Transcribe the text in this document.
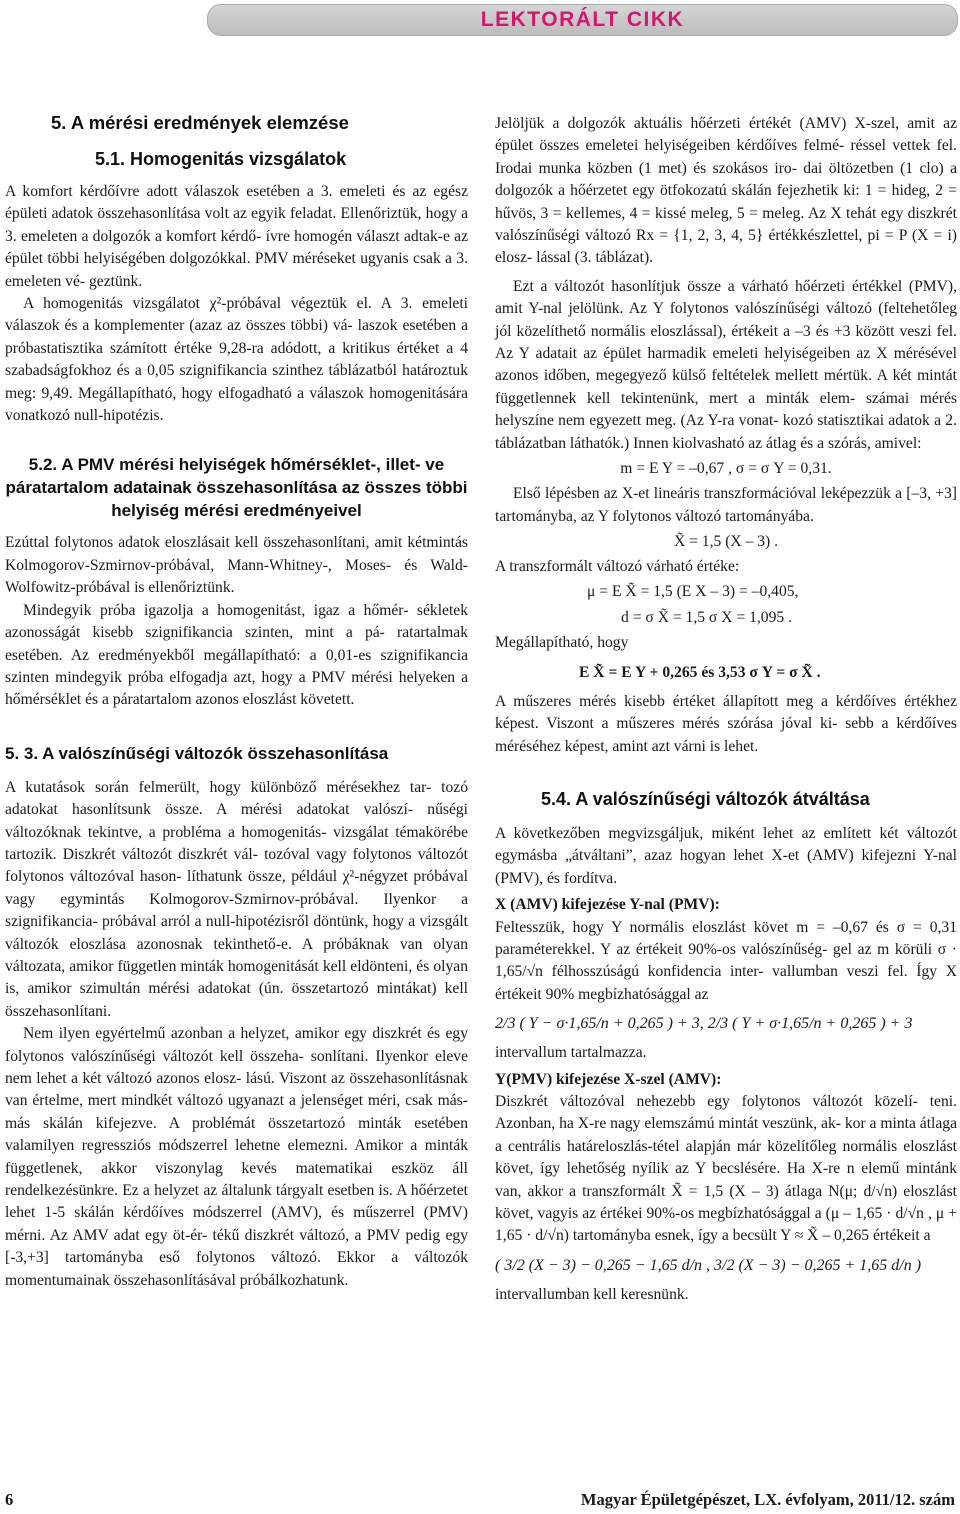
LEKTORÁLT CIKK
5. A mérési eredmények elemzése
5.1. Homogenitás vizsgálatok

A komfort kérdőívre adott válaszok esetében a 3. emeleti és az egész épületi adatok összehasonlítása volt az egyik feladat. Ellenőriztük, hogy a 3. emeleten a dolgozók a komfort kérdő- ívre homogén választ adtak-e az épület többi helyiségében dolgozókkal. PMV méréseket ugyanis csak a 3. emeleten vé- geztünk.

A homogenitás vizsgálatot χ²-próbával végeztük el. A 3. emeleti válaszok és a komplementer (azaz az összes többi) vá- laszok esetében a próbastatisztika számított értéke 9,28-ra adódott, a kritikus értéket a 4 szabadságfokhoz és a 0,05 szignifikancia szinthez táblázatból határoztuk meg: 9,49. Megállapítható, hogy elfogadható a válaszok homogenitására vonatkozó null-hipotézis.

5.2. A PMV mérési helyiségek hőmérséklet-, illet- ve páratartalom adatainak összehasonlítása az összes többi helyiség mérési eredményeivel

Ezúttal folytonos adatok eloszlásait kell összehasonlítani, amit kétmintás Kolmogorov-Szmirnov-próbával, Mann-Whitney-, Moses- és Wald-Wolfowitz-próbával is ellenőriztünk.

Mindegyik próba igazolja a homogenitást, igaz a hőmér- sékletek azonosságát kisebb szignifikancia szinten, mint a pá- ratartalmak esetében. Az eredményekből megállapítható: a 0,01-es szignifikancia szinten mindegyik próba elfogadja azt, hogy a PMV mérési helyeken a hőmérséklet és a páratartalom azonos eloszlást követett.

5. 3. A valószínűségi változók összehasonlítása

A kutatások során felmerült, hogy különböző mérésekhez tar- tozó adatokat hasonlítsunk össze. A mérési adatokat valószí- nűségi változóknak tekintve, a probléma a homogenitás- vizsgálat témakörébe tartozik. Diszkrét változót diszkrét vál- tozóval vagy folytonos változót folytonos változóval hason- líthatunk össze, például χ²-négyzet próbával vagy egymintás Kolmogorov-Szmirnov-próbával. Ilyenkor a szignifikancia- próbával arról a null-hipotézisről döntünk, hogy a vizsgált változók eloszlása azonosnak tekinthető-e. A próbáknak van olyan változata, amikor független minták homogenitását kell eldönteni, és olyan is, amikor szimultán mérési adatokat (ún. összetartozó mintákat) kell összehasonlítani.

Nem ilyen egyértelmű azonban a helyzet, amikor egy diszkrét és egy folytonos valószínűségi változót kell összeha- sonlítani. Ilyenkor eleve nem lehet a két változó azonos elosz- lású. Viszont az összehasonlításnak van értelme, mert mindkét változó ugyanazt a jelenséget méri, csak más-más skálán kifejezve. A problémát összetartozó minták esetében valamilyen regressziós módszerrel lehetne elemezni. Amikor a minták függetlenek, akkor viszonylag kevés matematikai eszköz áll rendelkezésünkre. Ez a helyzet az általunk tárgyalt esetben is. A hőérzetet lehet 1-5 skálán kérdőíves módszerrel (AMV), és műszerrel (PMV) mérni. Az AMV adat egy öt-ér- tékű diszkrét változó, a PMV pedig egy [-3,+3] tartományba eső folytonos változó. Ekkor a változók momentumainak összehasonlításával próbálkozhatunk.

Jelöljük a dolgozók aktuális hőérzeti értékét (AMV) X-szel, amit az épület összes emeletei helyiségeiben kérdőíves felmé- réssel vettek fel. Irodai munka közben (1 met) és szokásos iro- dai öltözetben (1 clo) a dolgozók a hőérzetet egy ötfokozatú skálán fejezhetik ki: 1 = hideg, 2 = hűvös, 3 = kellemes, 4 = kissé meleg, 5 = meleg. Az X tehát egy diszkrét valószínűségi változó Rx = {1, 2, 3, 4, 5} értékkészlettel, pi = P (X = i) elosz- lással (3. táblázat).

Ezt a változót hasonlítjuk össze a várható hőérzeti értékkel (PMV), amit Y-nal jelölünk. Az Y folytonos valószínűségi változó (feltehetőleg jól közelíthető normális eloszlással), értékeit a –3 és +3 között veszi fel. Az Y adatait az épület harmadik emeleti helyiségeiben az X mérésével azonos időben, megegyező külső feltételek mellett mértük. A két mintát függetlennek kell tekintenünk, mert a minták elem- számai mérés helyszíne nem egyezett meg. (Az Y-ra vonat- kozó statisztikai adatok a 2. táblázatban láthatók.) Innen kiolvasható az átlag és a szórás, amivel:

m = E Y = –0,67 , σ = σ Y = 0,31.

Első lépésben az X-et lineáris transzformációval leképezzük a [–3, +3] tartományba, az Y folytonos változó tartományába.

X̃ = 1,5 (X – 3) .

A transzformált változó várható értéke:

μ = E X̃ = 1,5 (E X – 3) = –0,405,
d = σ X̃ = 1,5 σ X = 1,095 .

Megállapítható, hogy

E X̃ = E Y + 0,265 és 3,53 σ Y = σ X̃ .

A műszeres mérés kisebb értéket állapított meg a kérdőíves értékhez képest. Viszont a műszeres mérés szórása jóval ki- sebb a kérdőíves méréséhez képest, amint azt várni is lehet.

5.4. A valószínűségi változók átváltása

A következőben megvizsgáljuk, miként lehet az említett két változót egymásba „átváltani”, azaz hogyan lehet X-et (AMV) kifejezni Y-nal (PMV), és fordítva.

X (AMV) kifejezése Y-nal (PMV):

Feltesszük, hogy Y normális eloszlást követ m = –0,67 és σ = 0,31 paraméterekkel. Y az értékeit 90%-os valószínűség- gel az m körüli σ · 1,65/√n félhosszúságú konfidencia inter- vallumban veszi fel. Így X értékeit 90% megbízhatósággal az

2/3 ( Y − σ·1,65/n + 0,265 ) + 3, 2/3 ( Y + σ·1,65/n + 0,265 ) + 3

intervallum tartalmazza.

Y(PMV) kifejezése X-szel (AMV):

Diszkrét változóval nehezebb egy folytonos változót közelí- teni. Azonban, ha X-re nagy elemszámú mintát veszünk, ak- kor a minta átlaga a centrális határeloszlás-tétel alapján már közelítőleg normális eloszlást követ, így lehetőség nyílik az Y becslésére. Ha X-re n elemű mintánk van, akkor a transzformált X̃ = 1,5 (X – 3) átlaga N(μ; d/√n) eloszlást követ, vagyis az értékei 90%-os megbízhatósággal a (μ – 1,65 · d/√n , μ + 1,65 · d/√n) tartományba esnek, így a becsült Y ≈ X̃ – 0,265 értékeit a

( 3/2 (X − 3) − 0,265 − 1,65 d/n , 3/2 (X − 3) − 0,265 + 1,65 d/n )

intervallumban kell keresnünk.

6	Magyar Épületgépészet, LX. évfolyam, 2011/12. szám
